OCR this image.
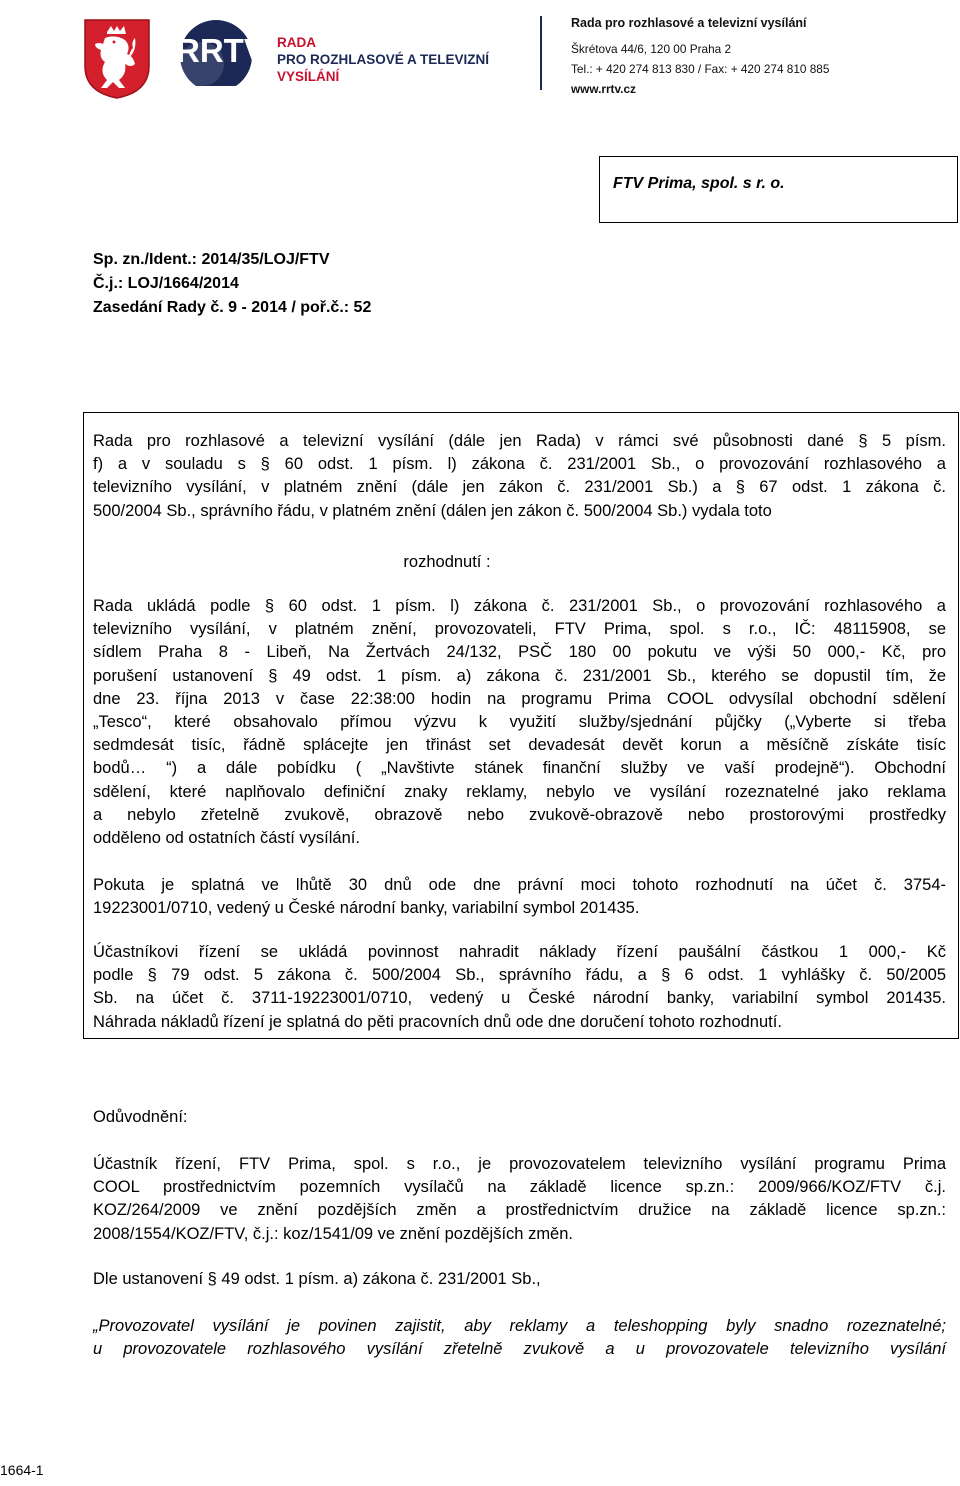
RRTV RADA
PRO ROZHLASOVÉ A TELEVIZNÍ
VYSÍLÁNÍ
Rada pro rozhlasové a televizní vysílání
Škrétova 44/6, 120 00 Praha 2
Tel.: + 420 274 813 830 / Fax: + 420 274 810 885
www.rrtv.cz
FTV Prima, spol. s r. o.
Sp. zn./Ident.: 2014/35/LOJ/FTV
Č.j.: LOJ/1664/2014
Zasedání Rady č. 9 - 2014 / poř.č.: 52
Rada pro rozhlasové a televizní vysílání (dále jen Rada) v rámci své působnosti dané § 5 písm.
f) a v souladu s § 60 odst. 1 písm. l) zákona č. 231/2001 Sb., o provozování rozhlasového a
televizního vysílání, v platném znění (dále jen zákon č. 231/2001 Sb.) a § 67 odst. 1 zákona č.
500/2004 Sb., správního řádu, v platném znění (dálen jen zákon č. 500/2004 Sb.) vydala toto
rozhodnutí :
Rada ukládá podle § 60 odst. 1 písm. l) zákona č. 231/2001 Sb., o provozování rozhlasového a
televizního vysílání, v platném znění, provozovateli, FTV Prima, spol. s r.o., IČ: 48115908, se
sídlem Praha 8 - Libeň, Na Žertvách 24/132, PSČ 180 00 pokutu ve výši 50 000,- Kč, pro
porušení ustanovení § 49 odst. 1 písm. a) zákona č. 231/2001 Sb., kterého se dopustil tím, že
dne 23. října 2013 v čase 22:38:00 hodin na programu Prima COOL odvysílal obchodní sdělení
„Tesco“, které obsahovalo přímou výzvu k využití služby/sjednání půjčky („Vyberte si třeba
sedmdesát tisíc, řádně splácejte jen třinást set devadesát devět korun a měsíčně získáte tisíc
bodů… “) a dále pobídku ( „Navštivte stánek finanční služby ve vaší prodejně“). Obchodní
sdělení, které naplňovalo definiční znaky reklamy, nebylo ve vysílání rozeznatelné jako reklama
a nebylo zřetelně zvukově, obrazově nebo zvukově-obrazově nebo prostorovými prostředky
odděleno od ostatních částí vysílání.
Pokuta je splatná ve lhůtě 30 dnů ode dne právní moci tohoto rozhodnutí na účet č. 3754-
19223001/0710, vedený u České národní banky, variabilní symbol 201435.
Účastníkovi řízení se ukládá povinnost nahradit náklady řízení paušální částkou 1 000,- Kč
podle § 79 odst. 5 zákona č. 500/2004 Sb., správního řádu, a § 6 odst. 1 vyhlášky č. 50/2005
Sb. na účet č. 3711-19223001/0710, vedený u České národní banky, variabilní symbol 201435.
Náhrada nákladů řízení je splatná do pěti pracovních dnů ode dne doručení tohoto rozhodnutí.
Odůvodnění:
Účastník řízení, FTV Prima, spol. s r.o., je provozovatelem televizního vysílání programu Prima
COOL prostřednictvím pozemních vysílačů na základě licence sp.zn.: 2009/966/KOZ/FTV č.j.
KOZ/264/2009 ve znění pozdějších změn a prostřednictvím družice na základě licence sp.zn.:
2008/1554/KOZ/FTV, č.j.: koz/1541/09 ve znění pozdějších změn.
Dle ustanovení § 49 odst. 1 písm. a) zákona č. 231/2001 Sb.,
„Provozovatel vysílání je povinen zajistit, aby reklamy a teleshopping byly snadno rozeznatelné;
u provozovatele rozhlasového vysílání zřetelně zvukově a u provozovatele televizního vysílání
1664-1
